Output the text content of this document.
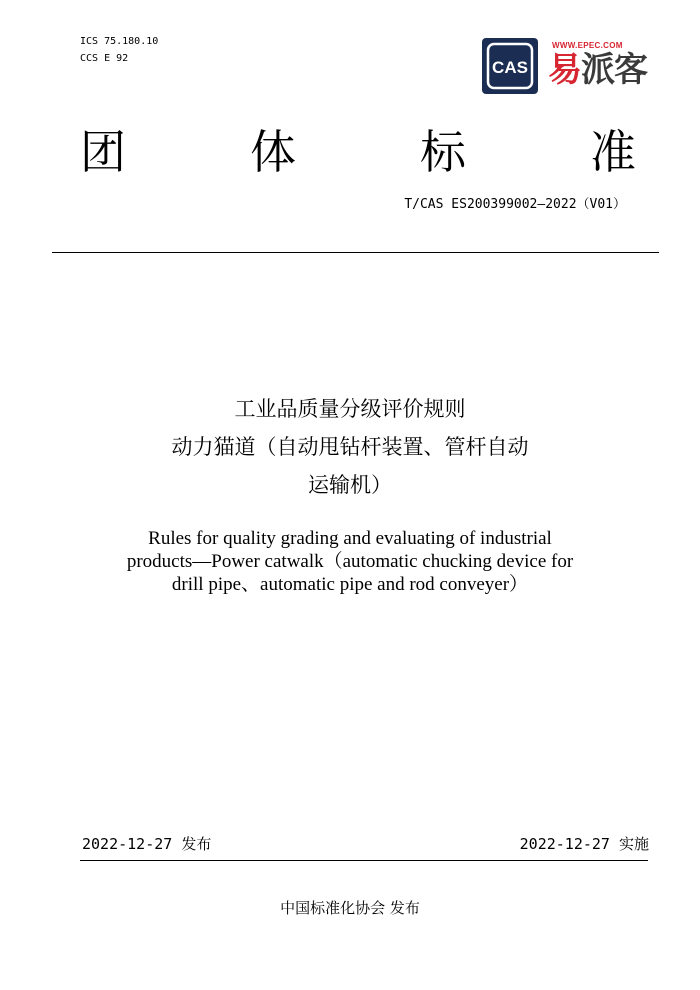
ICS 75.180.10
CCS E 92	CAS
WWW.EPEC.COM
易派客
团	体	标	准
T/CAS ES200399002—2022（V01）
工业品质量分级评价规则
动力猫道（自动甩钻杆装置、管杆自动
运输机）
Rules for quality grading and evaluating of industrial
products—Power catwalk（automatic chucking device for
drill pipe、automatic pipe and rod conveyer）
2022-12-27 发布	2022-12-27 实施
中国标准化协会 发布
